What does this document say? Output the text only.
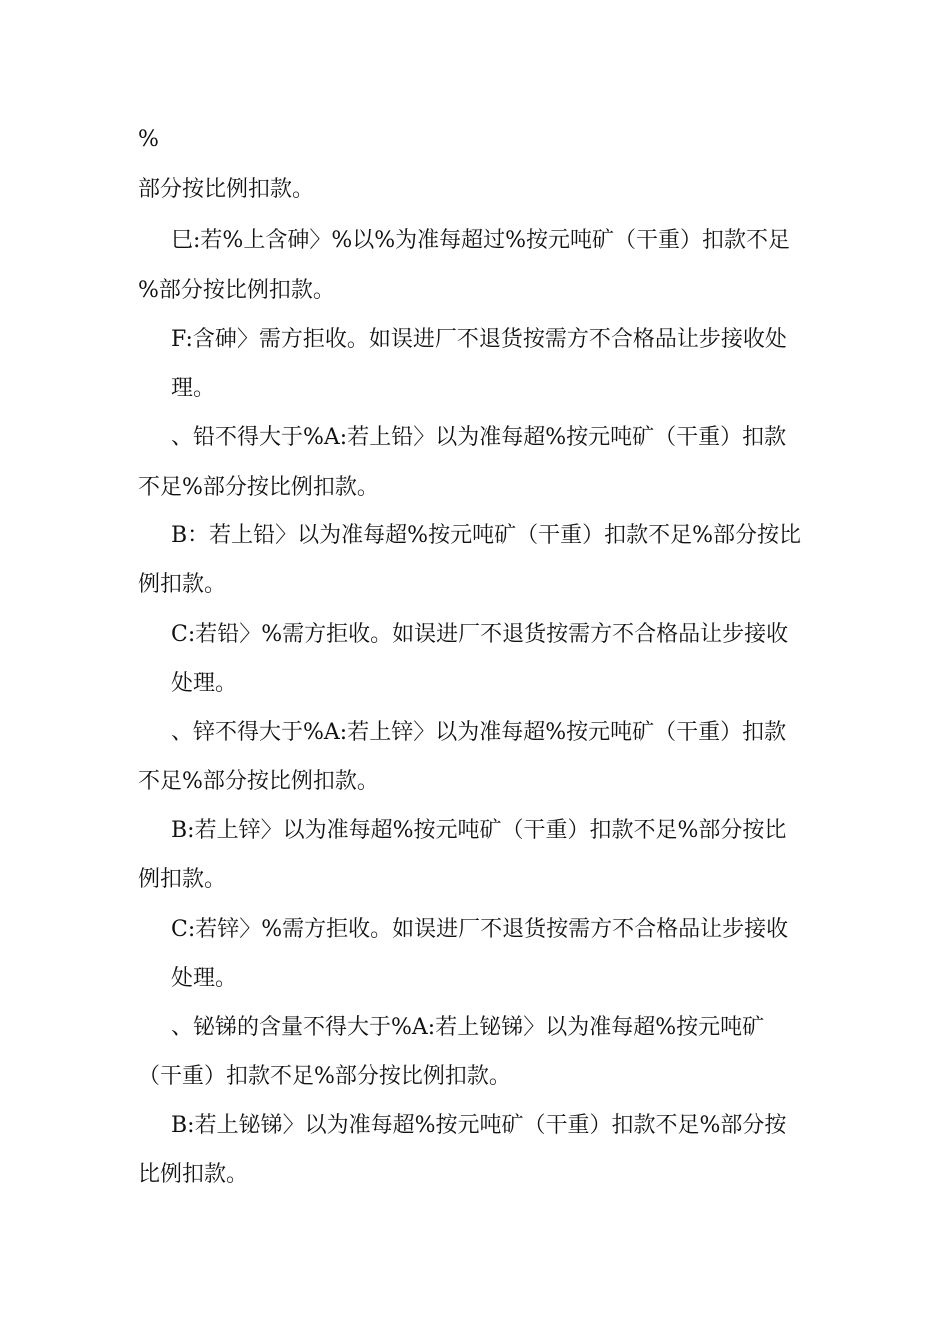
%
部分按比例扣款。
巳:若%上含砷〉%以%为准每超过%按元吨矿（干重）扣款不足
%部分按比例扣款。
F:含砷〉需方拒收。如误进厂不退货按需方不合格品让步接收处
理。
、铅不得大于%A:若上铅〉以为准每超%按元吨矿（干重）扣款
不足%部分按比例扣款。
B：若上铅〉以为准每超%按元吨矿（干重）扣款不足%部分按比
例扣款。
C:若铅〉%需方拒收。如误进厂不退货按需方不合格品让步接收
处理。
、锌不得大于%A:若上锌〉以为准每超%按元吨矿（干重）扣款
不足%部分按比例扣款。
B:若上锌〉以为准每超%按元吨矿（干重）扣款不足%部分按比
例扣款。
C:若锌〉%需方拒收。如误进厂不退货按需方不合格品让步接收
处理。
、铋锑的含量不得大于%A:若上铋锑〉以为准每超%按元吨矿
（干重）扣款不足%部分按比例扣款。
B:若上铋锑〉以为准每超%按元吨矿（干重）扣款不足%部分按
比例扣款。
